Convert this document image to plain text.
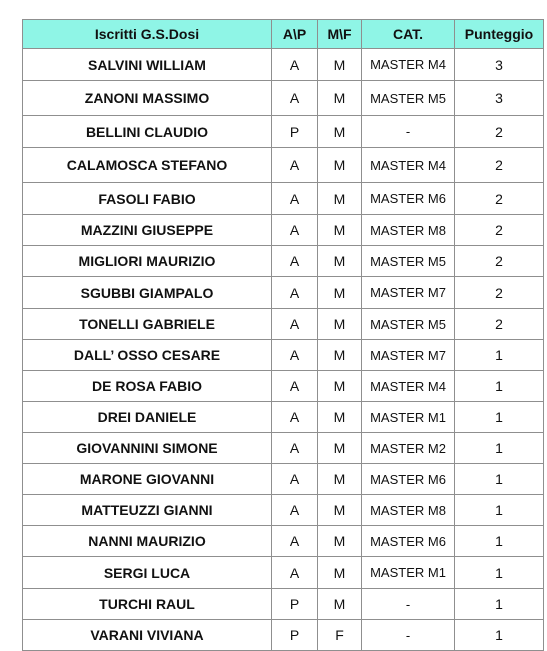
Iscritti G.S.Dosi	A\P	M\F	CAT.	Punteggio
SALVINI WILLIAM	A	M	MASTER M4	3
ZANONI MASSIMO	A	M	MASTER M5	3
BELLINI CLAUDIO	P	M	-	2
CALAMOSCA STEFANO	A	M	MASTER M4	2
FASOLI FABIO	A	M	MASTER M6	2
MAZZINI GIUSEPPE	A	M	MASTER M8	2
MIGLIORI MAURIZIO	A	M	MASTER M5	2
SGUBBI GIAMPALO	A	M	MASTER M7	2
TONELLI GABRIELE	A	M	MASTER M5	2
DALL’ OSSO CESARE	A	M	MASTER M7	1
DE ROSA FABIO	A	M	MASTER M4	1
DREI DANIELE	A	M	MASTER M1	1
GIOVANNINI SIMONE	A	M	MASTER M2	1
MARONE GIOVANNI	A	M	MASTER M6	1
MATTEUZZI GIANNI	A	M	MASTER M8	1
NANNI MAURIZIO	A	M	MASTER M6	1
SERGI LUCA	A	M	MASTER M1	1
TURCHI RAUL	P	M	-	1
VARANI VIVIANA	P	F	-	1
